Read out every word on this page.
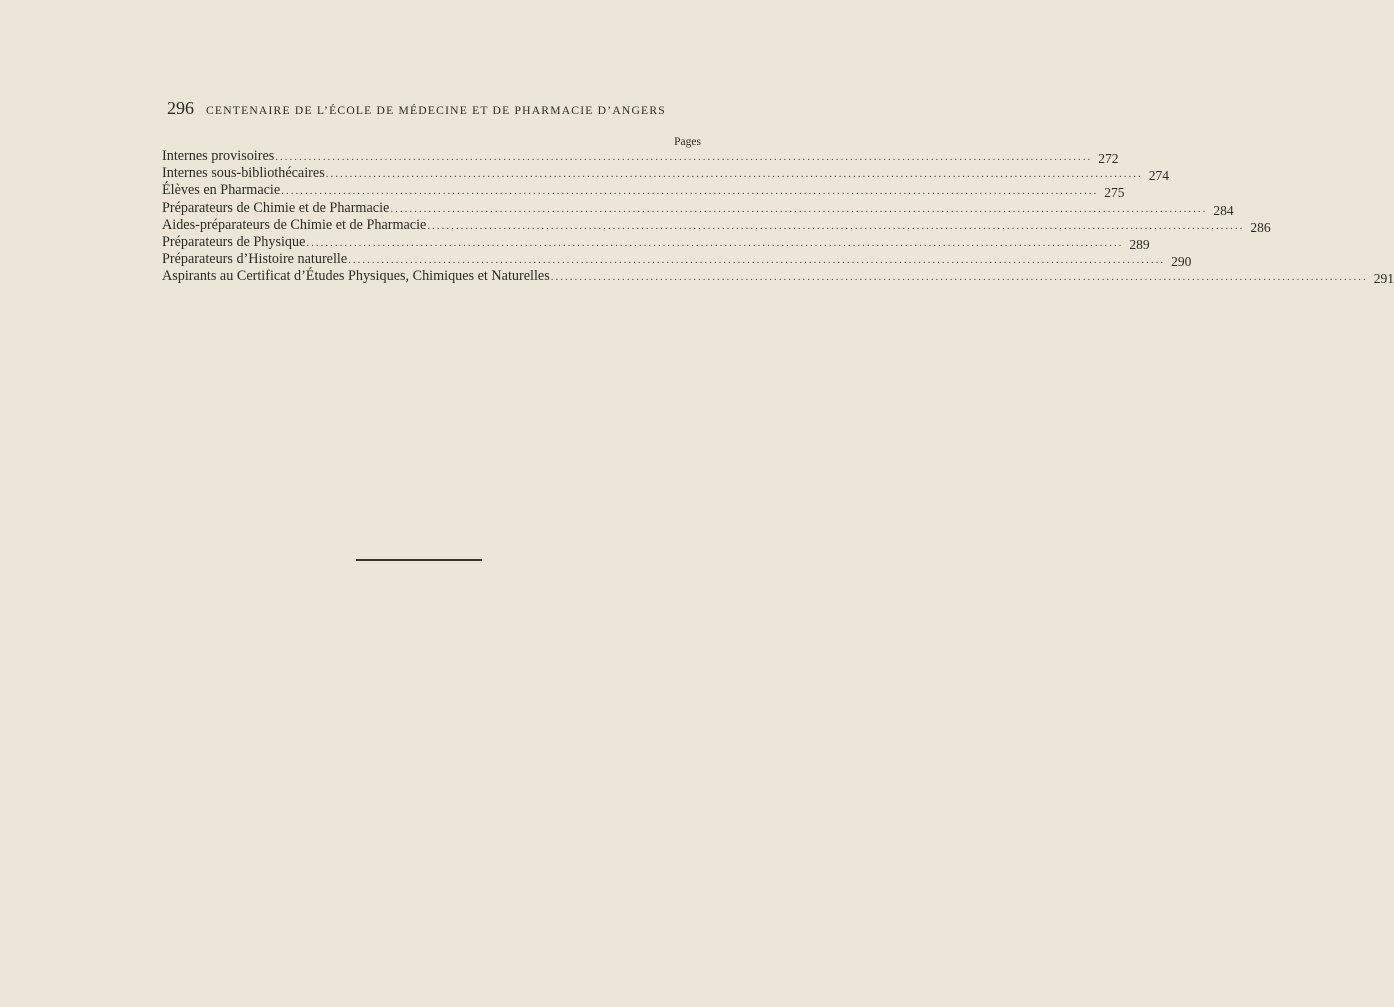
296 CENTENAIRE DE L’ÉCOLE DE MÉDECINE ET DE PHARMACIE D’ANGERS
Pages
Internes provisoires ............................................................................................................................................................................ 272
Internes sous-bibliothécaires ............................................................................................................................................................................ 274
Élèves en Pharmacie ............................................................................................................................................................................ 275
Préparateurs de Chimie et de Pharmacie ............................................................................................................................................................................ 284
Aides-préparateurs de Chimie et de Pharmacie ............................................................................................................................................................................ 286
Préparateurs de Physique ............................................................................................................................................................................ 289
Préparateurs d’Histoire naturelle ............................................................................................................................................................................ 290
Aspirants au Certificat d’Études Physiques, Chimiques et Naturelles ............................................................................................................................................................................ 291
